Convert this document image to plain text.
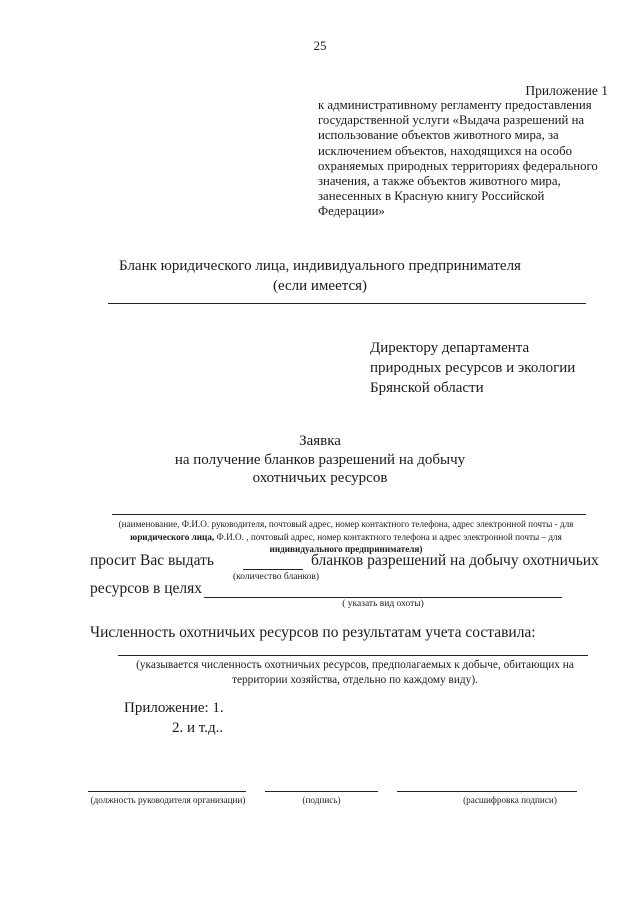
25
Приложение 1
к административному регламенту предоставления
государственной услуги «Выдача разрешений на
использование объектов животного мира, за
исключением объектов, находящихся на особо
охраняемых природных территориях федерального
значения, а также объектов животного мира,
занесенных в Красную книгу Российской
Федерации»
Бланк юридического лица, индивидуального предпринимателя
(если имеется)
Директору департамента
природных ресурсов и экологии
Брянской области
Заявка
на получение бланков разрешений на добычу
охотничьих ресурсов
(наименование, Ф.И.О. руководителя, почтовый адрес, номер контактного телефона, адрес электронной почты - для
юридического лица, Ф.И.О. , почтовый адрес, номер контактного телефона и адрес электронной почты – для
индивидуального предпринимателя)
просит Вас выдать	бланков разрешений на добычу охотничьих
(количество бланков)
ресурсов в целях
( указать вид охоты)
Численность охотничьих ресурсов по результатам учета составила:
(указывается численность охотничьих ресурсов, предполагаемых к добыче, обитающих на
территории хозяйства, отдельно по каждому виду).
Приложение: 1.
2. и т.д..
(должность руководителя организации)	(подпись)	(расшифровка подписи)
